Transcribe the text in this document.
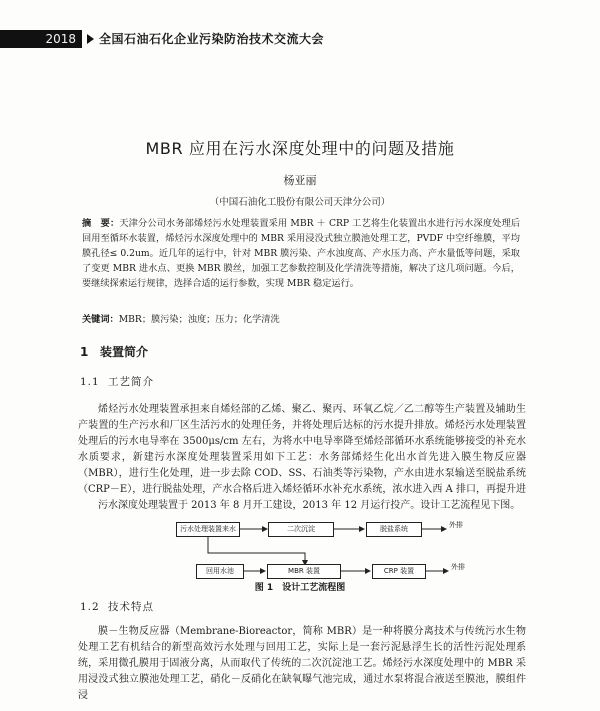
2018	全国石油石化企业污染防治技术交流大会
MBR 应用在污水深度处理中的问题及措施
杨亚丽
（中国石油化工股份有限公司天津分公司）

摘　要：天津分公司水务部烯烃污水处理装置采用 MBR ＋ CRP 工艺将生化装置出水进行污水深度处理后回用至循环水装置，烯烃污水深度处理中的 MBR 采用浸没式独立膜池处理工艺，PVDF 中空纤维膜，平均膜孔径≤ 0.2um。近几年的运行中，针对 MBR 膜污染、产水浊度高、产水压力高、产水量低等问题，采取了变更 MBR 进水点、更换 MBR 膜丝，加强工艺参数控制及化学清洗等措施，解决了这几项问题。今后，要继续探索运行规律，选择合适的运行参数，实现 MBR 稳定运行。

关键词：MBR；膜污染；浊度；压力；化学清洗
1 装置简介
1.1 工艺简介

烯烃污水处理装置承担来自烯烃部的乙烯、聚乙、聚丙、环氧乙烷／乙二醇等生产装置及辅助生产装置的生产污水和厂区生活污水的处理任务，并将处理后达标的污水提升排放。烯烃污水处理装置处理后的污水电导率在 3500μs/cm 左右，为将水中电导率降至烯烃部循环水系统能够接受的补充水水质要求，新建污水深度处理装置采用如下工艺：水务部烯烃生化出水首先进入膜生物反应器（MBR），进行生化处理，进一步去除 COD、SS、石油类等污染物，产水由进水泵输送至脱盐系统（CRP－E），进行脱盐处理，产水合格后进入烯烃循环水补充水系统，浓水进入西 A 排口，再提升进

污水深度处理装置于 2013 年 8 月开工建设，2013 年 12 月运行投产。设计工艺流程见下图。

污水处理装置来水	二次沉淀	脱盐系统
回用水池	MBR 装置	CRP 装置
外排
外排
图 1　设计工艺流程图
1.2 技术特点

膜－生物反应器（Membrane-Bioreactor，简称 MBR）是一种将膜分离技术与传统污水生物处理工艺有机结合的新型高效污水处理与回用工艺，实际上是一套污泥悬浮生长的活性污泥处理系统，采用微孔膜用于固液分离，从而取代了传统的二次沉淀池工艺。烯烃污水深度处理中的 MBR 采用浸没式独立膜池处理工艺，硝化－反硝化在缺氧曝气池完成，通过水泵将混合液送至膜池，膜组件浸
